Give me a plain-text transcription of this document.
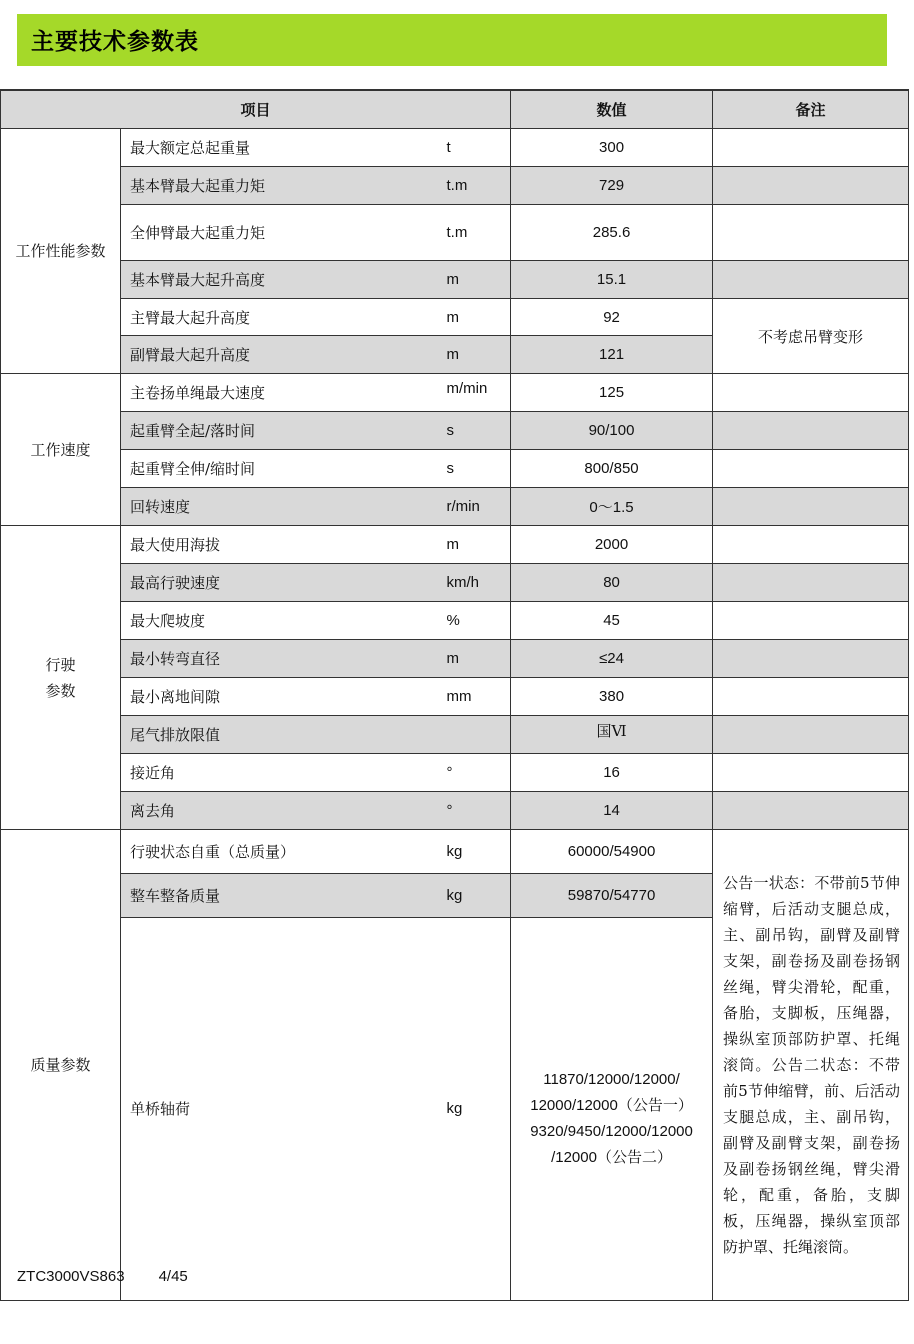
主要技术参数表
项目			数值	备注
工作性能参数	最大额定总起重量	t	300	
	基本臂最大起重力矩	t.m	729	
	全伸臂最大起重力矩	t.m	285.6	
	基本臂最大起升高度	m	15.1	
	主臂最大起升高度	m	92	不考虑吊臂变形
	副臂最大起升高度	m	121	
工作速度	主卷扬单绳最大速度	m/min	125	
	起重臂全起/落时间	s	90/100	
	起重臂全伸/缩时间	s	800/850	
	回转速度	r/min	0～1.5	

行驶
参数	最大使用海拔	m	2000	
	最高行驶速度	km/h	80	
	最大爬坡度	%	45	
	最小转弯直径	m	≤24	
	最小离地间隙	mm	380	
	尾气排放限值		国Ⅵ	
	接近角	°	16	
	离去角	°	14	
质量参数	行驶状态自重（总质量）	kg	60000/54900	公告一状态：不带前5节伸缩臂，后活动支腿总成，主、副吊钩，副臂及副臂支架，副卷扬及副卷扬钢丝绳，臂尖滑轮，配重，备胎，支脚板，压绳器，操纵室顶部防护罩、托绳滚筒。公告二状态：不带前5节伸缩臂，前、后活动支腿总成，主、副吊钩，副臂及副臂支架，副卷扬及副卷扬钢丝绳，臂尖滑轮，配重，备胎，支脚板，压绳器，操纵室顶部防护罩、托绳滚筒。
	整车整备质量	kg	59870/54770	
	单桥轴荷	kg	11870/12000/12000/
12000/12000（公告一）
9320/9450/12000/12000
/12000（公告二）	
ZTC3000VS863 4/45
